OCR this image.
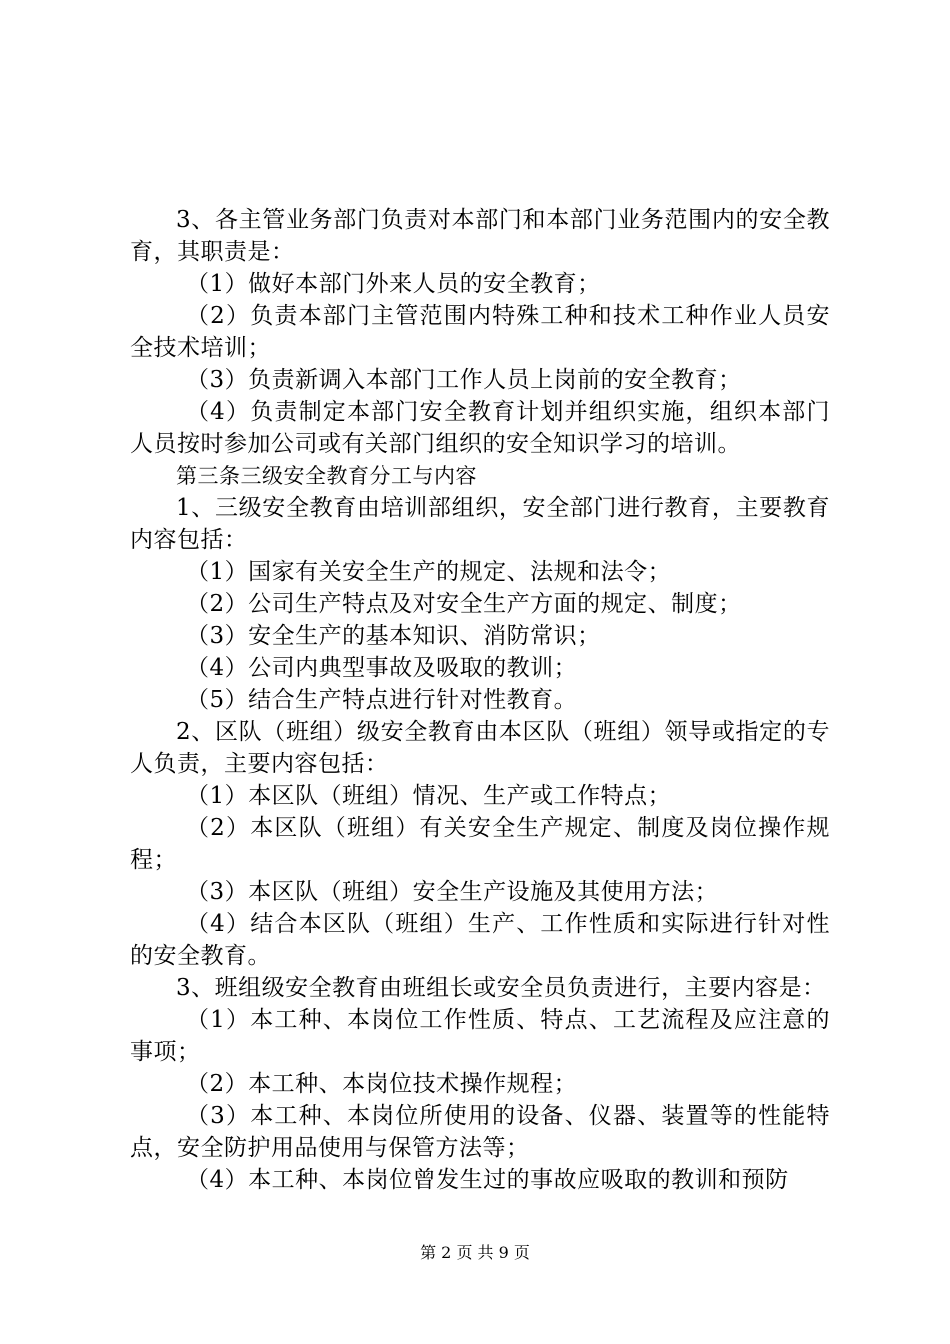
3、各主管业务部门负责对本部门和本部门业务范围内的安全教育，其职责是：

（1）做好本部门外来人员的安全教育；

（2）负责本部门主管范围内特殊工种和技术工种作业人员安全技术培训；

（3）负责新调入本部门工作人员上岗前的安全教育；

（4）负责制定本部门安全教育计划并组织实施，组织本部门人员按时参加公司或有关部门组织的安全知识学习的培训。

第三条三级安全教育分工与内容

1、三级安全教育由培训部组织，安全部门进行教育，主要教育内容包括：

（1）国家有关安全生产的规定、法规和法令；

（2）公司生产特点及对安全生产方面的规定、制度；

（3）安全生产的基本知识、消防常识；

（4）公司内典型事故及吸取的教训；

（5）结合生产特点进行针对性教育。

2、区队（班组）级安全教育由本区队（班组）领导或指定的专人负责，主要内容包括：

（1）本区队（班组）情况、生产或工作特点；

（2）本区队（班组）有关安全生产规定、制度及岗位操作规程；

（3）本区队（班组）安全生产设施及其使用方法；

（4）结合本区队（班组）生产、工作性质和实际进行针对性的安全教育。

3、班组级安全教育由班组长或安全员负责进行，主要内容是：

（1）本工种、本岗位工作性质、特点、工艺流程及应注意的事项；

（2）本工种、本岗位技术操作规程；

（3）本工种、本岗位所使用的设备、仪器、装置等的性能特点，安全防护用品使用与保管方法等；

（4）本工种、本岗位曾发生过的事故应吸取的教训和预防

第 2 页 共 9 页
